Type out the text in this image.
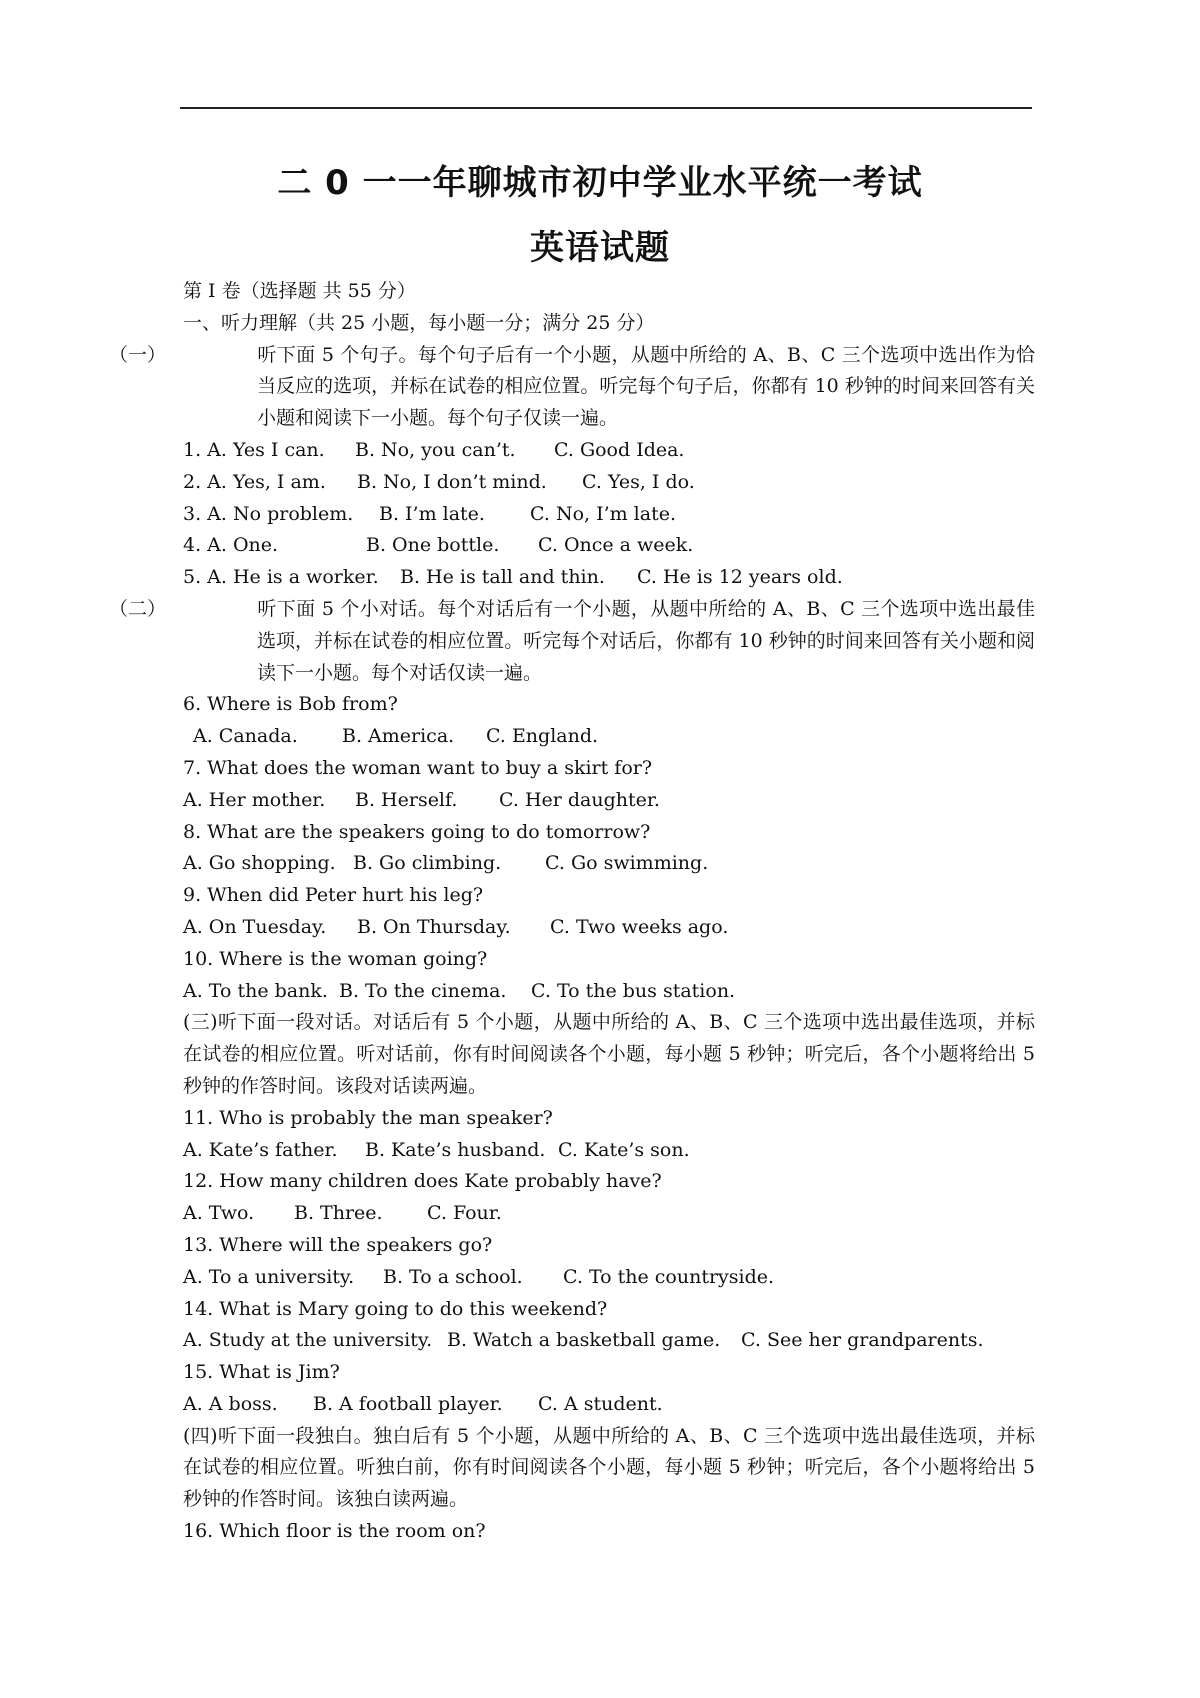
二 0 一一年聊城市初中学业水平统一考试
英语试题
第 I 卷（选择题 共 55 分）
一、听力理解（共 25 小题，每小题一分；满分 25 分）
（一）	听下面 5 个句子。每个句子后有一个小题，从题中所给的 A、B、C 三个选项中选出作为恰当反应的选项，并标在试卷的相应位置。听完每个句子后，你都有 10 秒钟的时间来回答有关小题和阅读下一小题。每个句子仅读一遍。
1. A. Yes I can. B. No, you can’t. C. Good Idea.
2. A. Yes, I am. B. No, I don’t mind. C. Yes, I do.
3. A. No problem. B. I’m late. C. No, I’m late.
4. A. One.	B. One bottle. C. Once a week.
5. A. He is a worker. B. He is tall and thin. C. He is 12 years old.
（二）	听下面 5 个小对话。每个对话后有一个小题，从题中所给的 A、B、C 三个选项中选出最佳选项，并标在试卷的相应位置。听完每个对话后，你都有 10 秒钟的时间来回答有关小题和阅读下一小题。每个对话仅读一遍。
6. Where is Bob from?
A. Canada. B. America. C. England.
7. What does the woman want to buy a skirt for?
A. Her mother. B. Herself. C. Her daughter.
8. What are the speakers going to do tomorrow?
A. Go shopping. B. Go climbing. C. Go swimming.
9. When did Peter hurt his leg?
A. On Tuesday. B. On Thursday. C. Two weeks ago.
10. Where is the woman going?
A. To the bank. B. To the cinema. C. To the bus station.
(三)听下面一段对话。对话后有 5 个小题，从题中所给的 A、B、C 三个选项中选出最佳选项，并标在试卷的相应位置。听对话前，你有时间阅读各个小题，每小题 5 秒钟；听完后，各个小题将给出 5 秒钟的作答时间。该段对话读两遍。
11. Who is probably the man speaker?
A. Kate’s father. B. Kate’s husband. C. Kate’s son.
12. How many children does Kate probably have?
A. Two. B. Three. C. Four.
13. Where will the speakers go?
A. To a university. B. To a school. C. To the countryside.
14. What is Mary going to do this weekend?
A. Study at the university. B. Watch a basketball game. C. See her grandparents.
15. What is Jim?
A. A boss. B. A football player. C. A student.
(四)听下面一段独白。独白后有 5 个小题，从题中所给的 A、B、C 三个选项中选出最佳选项，并标在试卷的相应位置。听独白前，你有时间阅读各个小题，每小题 5 秒钟；听完后，各个小题将给出 5 秒钟的作答时间。该独白读两遍。
16. Which floor is the room on?
